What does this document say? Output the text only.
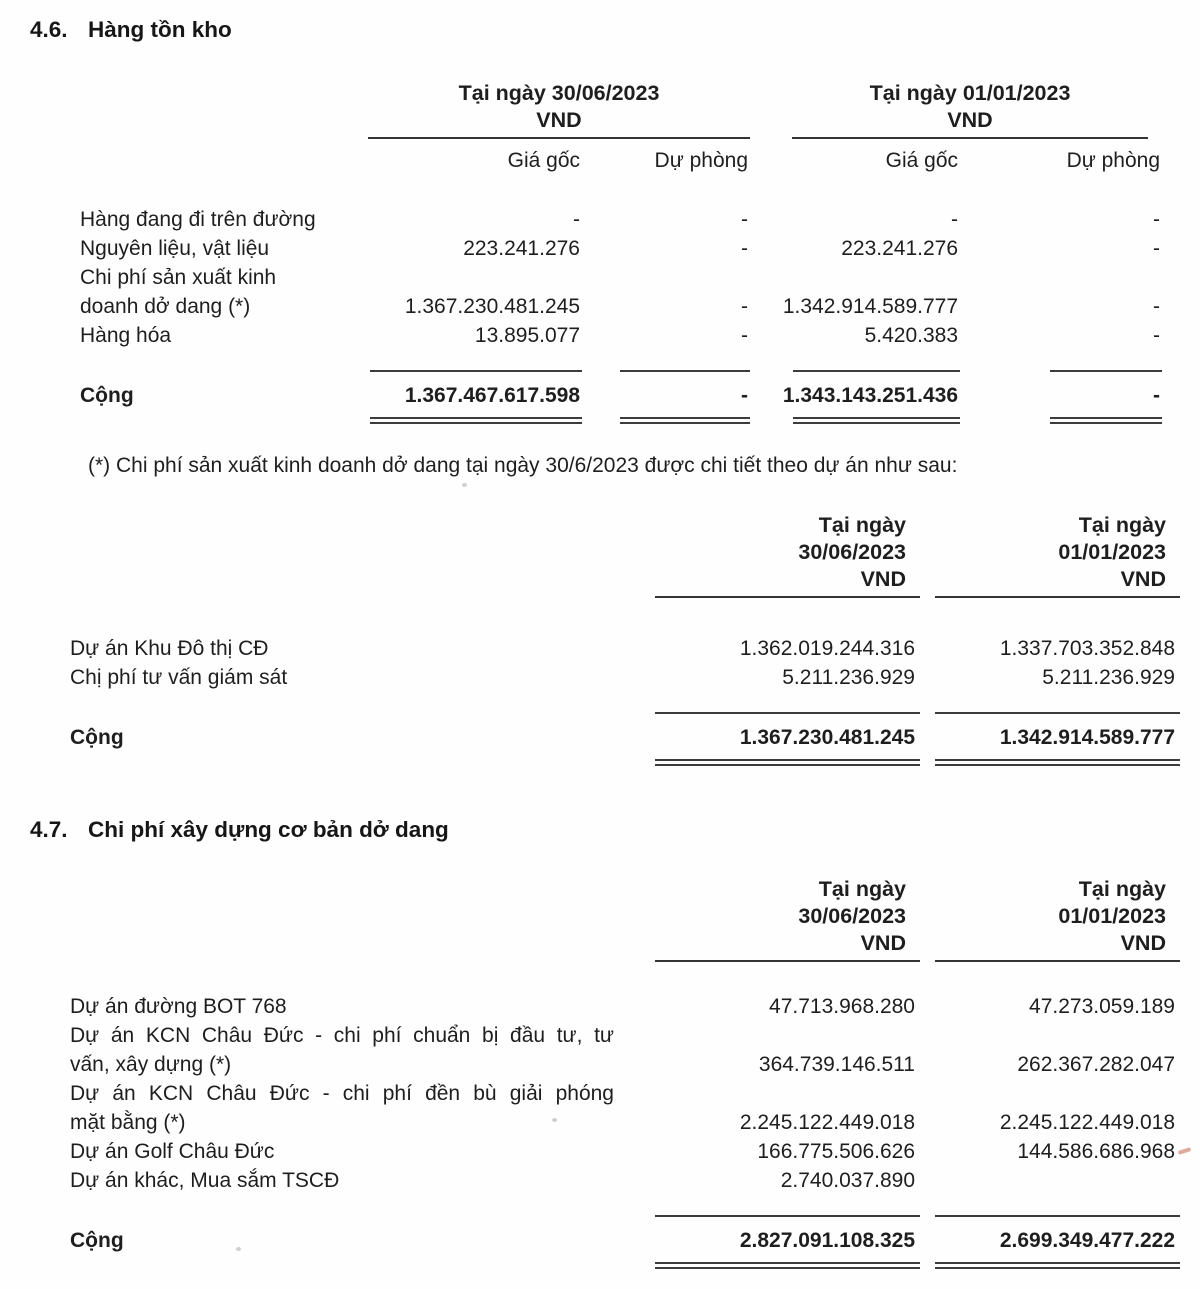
4.6. Hàng tồn kho

Tại ngày 30/06/2023
VND

Tại ngày 01/01/2023
VND

	Giá gốc	Dự phòng	Giá gốc	Dự phòng

Hàng đang đi trên đường	-	-	-	-
Nguyên liệu, vật liệu	223.241.276	-	223.241.276	-

Chi phí sản xuất kinh
doanh dở dang (*)	1.367.230.481.245	-	1.342.914.589.777	-
Hàng hóa	13.895.077	-	5.420.383	-

Cộng	1.367.467.617.598	-	1.343.143.251.436	-

(*) Chi phí sản xuất kinh doanh dở dang tại ngày 30/6/2023 được chi tiết theo dự án như sau:

Tại ngày
30/06/2023
VND

Tại ngày
01/01/2023
VND

Dự án Khu Đô thị CĐ	1.362.019.244.316	1.337.703.352.848
Chị phí tư vấn giám sát	5.211.236.929	5.211.236.929

Cộng	1.367.230.481.245	1.342.914.589.777

4.7. Chi phí xây dựng cơ bản dở dang

Tại ngày
30/06/2023
VND

Tại ngày
01/01/2023
VND

Dự án đường BOT 768	47.713.968.280	47.273.059.189

Dự án KCN Châu Đức - chi phí chuẩn bị đầu tư, tư
vấn, xây dựng (*)	364.739.146.511	262.367.282.047

Dự án KCN Châu Đức - chi phí đền bù giải phóng
mặt bằng (*)	2.245.122.449.018	2.245.122.449.018
Dự án Golf Châu Đức	166.775.506.626	144.586.686.968
Dự án khác, Mua sắm TSCĐ	2.740.037.890	

Cộng	2.827.091.108.325	2.699.349.477.222
